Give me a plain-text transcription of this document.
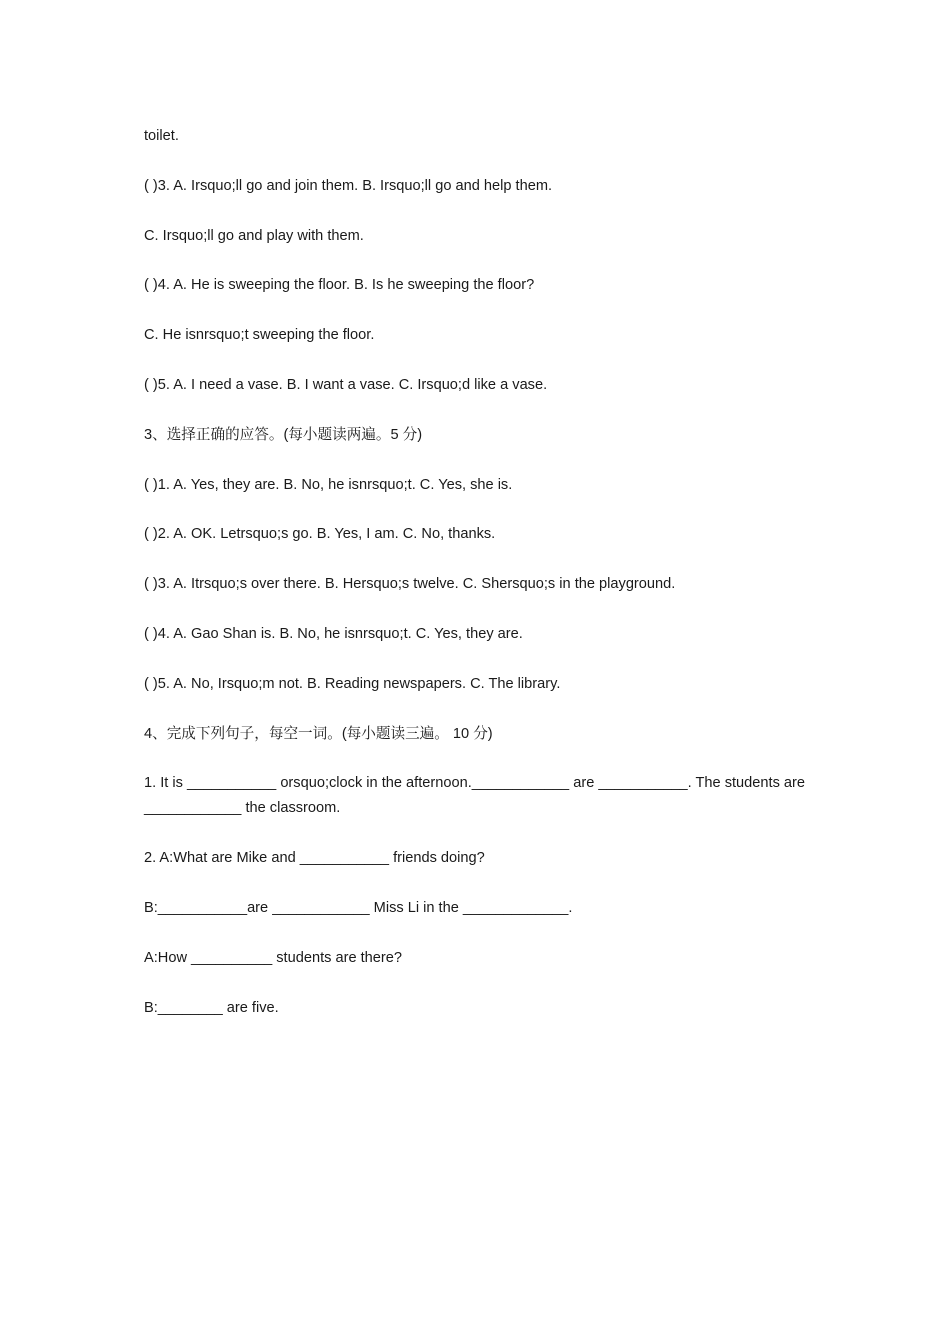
toilet.

( )3. A. Irsquo;ll go and join them. B. Irsquo;ll go and help them.

C. Irsquo;ll go and play with them.

( )4. A. He is sweeping the floor. B. Is he sweeping the floor?

C. He isnrsquo;t sweeping the floor.

( )5. A. I need a vase. B. I want a vase. C. Irsquo;d like a vase.

3、选择正确的应答。(每小题读两遍。5 分)

( )1. A. Yes, they are. B. No, he isnrsquo;t. C. Yes, she is.

( )2. A. OK. Letrsquo;s go. B. Yes, I am. C. No, thanks.

( )3. A. Itrsquo;s over there. B. Hersquo;s twelve. C. Shersquo;s in the playground.

( )4. A. Gao Shan is. B. No, he isnrsquo;t. C. Yes, they are.

( )5. A. No, Irsquo;m not. B. Reading newspapers. C. The library.

4、完成下列句子，每空一词。(每小题读三遍。 10 分)

1. It is ___________ orsquo;clock in the afternoon.____________ are ___________. The students are ____________ the classroom.

2. A:What are Mike and ___________ friends doing?

B:___________are ____________ Miss Li in the _____________.

A:How __________ students are there?

B:________ are five.
